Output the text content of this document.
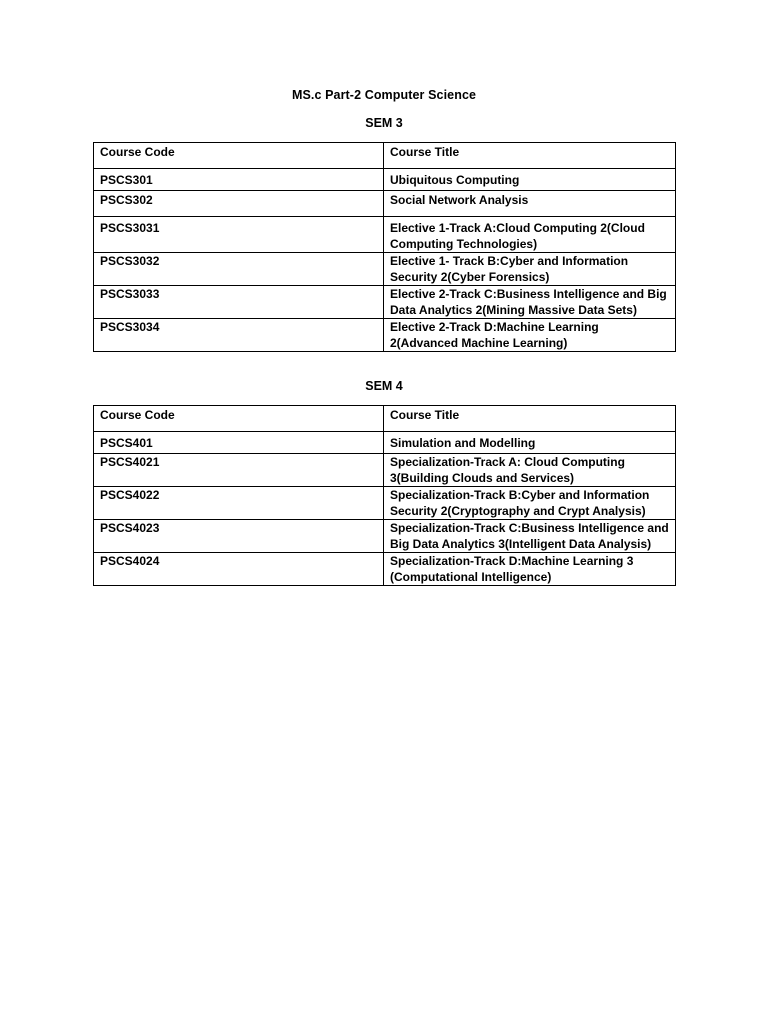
MS.c Part-2 Computer Science
SEM 3
Course Code	Course Title
PSCS301	Ubiquitous Computing
PSCS302	Social Network Analysis
PSCS3031	Elective 1-Track A:Cloud Computing 2(Cloud Computing Technologies)
PSCS3032	Elective 1- Track B:Cyber and Information Security 2(Cyber Forensics)
PSCS3033	Elective 2-Track C:Business Intelligence and Big Data Analytics 2(Mining Massive Data Sets)
PSCS3034	Elective 2-Track D:Machine Learning 2(Advanced Machine Learning)
SEM 4
Course Code	Course Title
PSCS401	Simulation and Modelling
PSCS4021	Specialization-Track A: Cloud Computing 3(Building Clouds and Services)
PSCS4022	Specialization-Track B:Cyber and Information Security 2(Cryptography and Crypt Analysis)
PSCS4023	Specialization-Track C:Business Intelligence and Big Data Analytics 3(Intelligent Data Analysis)
PSCS4024	Specialization-Track D:Machine Learning 3 (Computational Intelligence)
